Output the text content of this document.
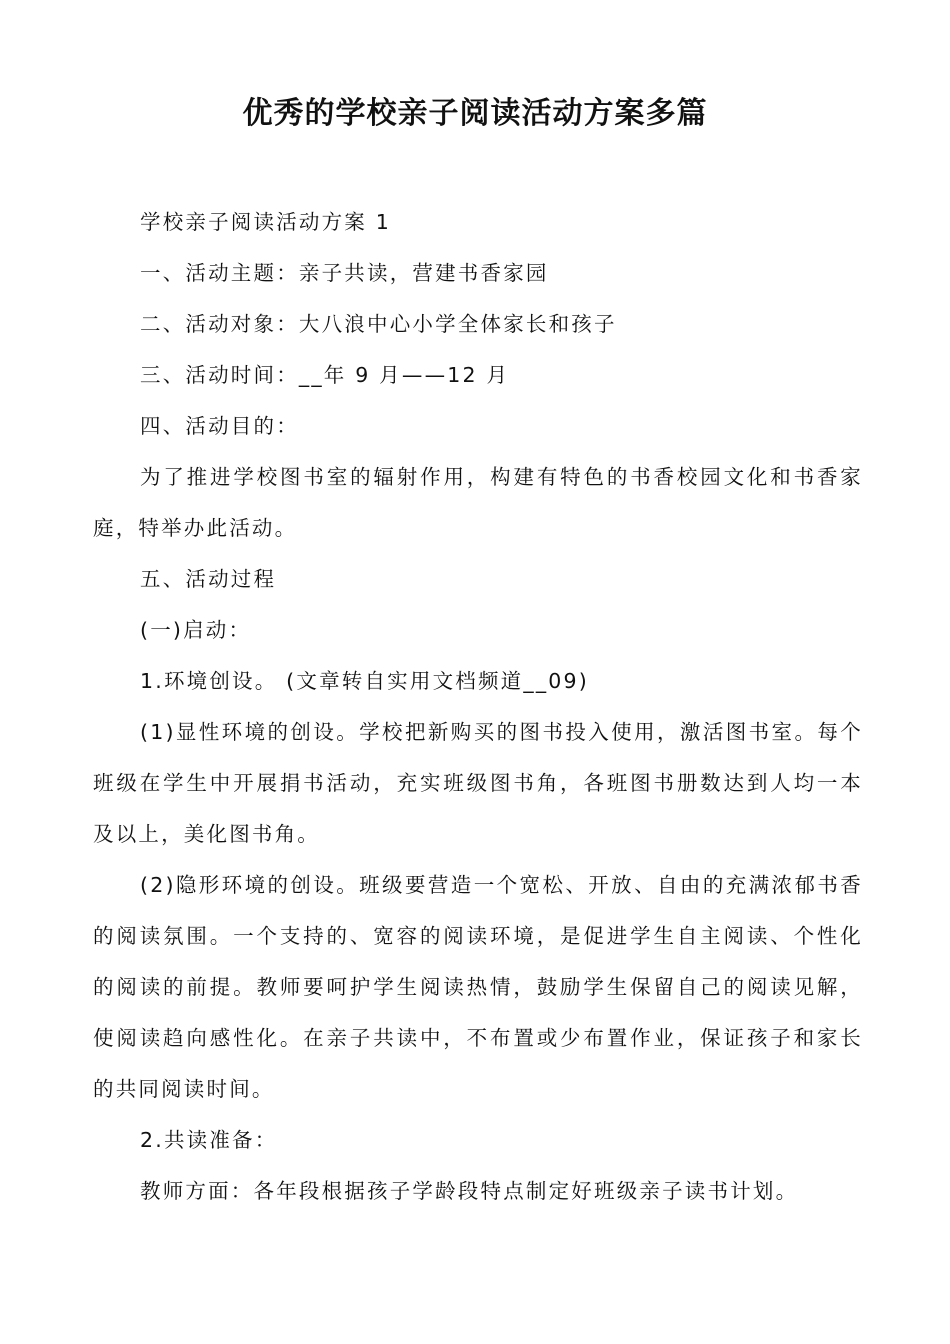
优秀的学校亲子阅读活动方案多篇

学校亲子阅读活动方案 1

一、活动主题：亲子共读，营建书香家园

二、活动对象：大八浪中心小学全体家长和孩子

三、活动时间：__年 9 月——12 月

四、活动目的：

为了推进学校图书室的辐射作用，构建有特色的书香校园文化和书香家庭，特举办此活动。

五、活动过程

(一)启动：

1.环境创设。 (文章转自实用文档频道__09)

(1)显性环境的创设。学校把新购买的图书投入使用，激活图书室。每个班级在学生中开展捐书活动，充实班级图书角，各班图书册数达到人均一本及以上，美化图书角。

(2)隐形环境的创设。班级要营造一个宽松、开放、自由的充满浓郁书香的阅读氛围。一个支持的、宽容的阅读环境，是促进学生自主阅读、个性化的阅读的前提。教师要呵护学生阅读热情，鼓励学生保留自己的阅读见解，使阅读趋向感性化。在亲子共读中，不布置或少布置作业，保证孩子和家长的共同阅读时间。

2.共读准备：

教师方面：各年段根据孩子学龄段特点制定好班级亲子读书计划。
